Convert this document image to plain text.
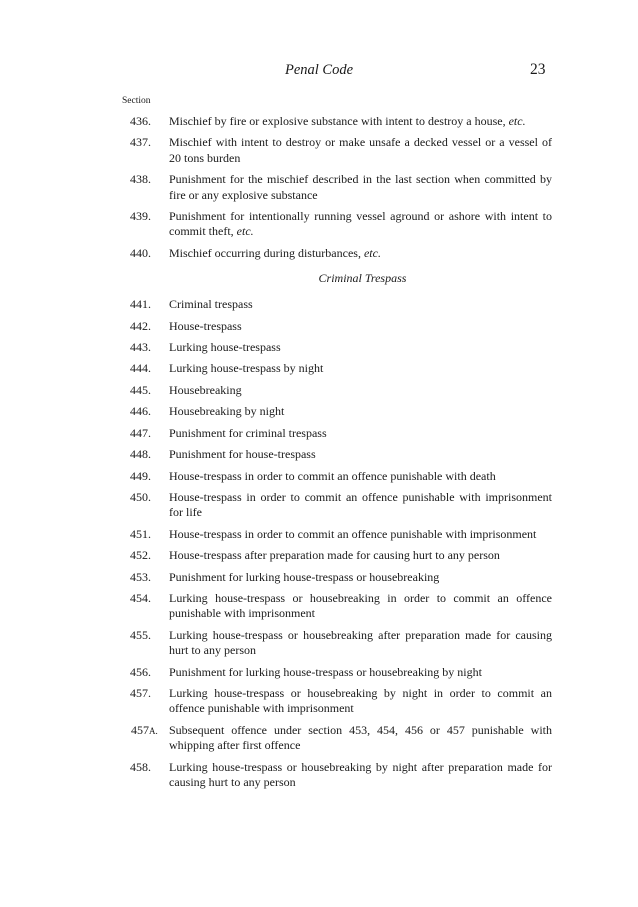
Penal Code	23
Section
436.	Mischief by fire or explosive substance with intent to destroy a house, etc.
437.	Mischief with intent to destroy or make unsafe a decked vessel or a vessel of 20 tons burden
438.	Punishment for the mischief described in the last section when committed by fire or any explosive substance
439.	Punishment for intentionally running vessel aground or ashore with intent to commit theft, etc.
440.	Mischief occurring during disturbances, etc.
Criminal Trespass
441.	Criminal trespass
442.	House-trespass
443.	Lurking house-trespass
444.	Lurking house-trespass by night
445.	Housebreaking
446.	Housebreaking by night
447.	Punishment for criminal trespass
448.	Punishment for house-trespass
449.	House-trespass in order to commit an offence punishable with death
450.	House-trespass in order to commit an offence punishable with imprisonment for life
451.	House-trespass in order to commit an offence punishable with imprisonment
452.	House-trespass after preparation made for causing hurt to any person
453.	Punishment for lurking house-trespass or housebreaking
454.	Lurking house-trespass or housebreaking in order to commit an offence punishable with imprisonment
455.	Lurking house-trespass or housebreaking after preparation made for causing hurt to any person
456.	Punishment for lurking house-trespass or housebreaking by night
457.	Lurking house-trespass or housebreaking by night in order to commit an offence punishable with imprisonment
457A. Subsequent offence under section 453, 454, 456 or 457 punishable with whipping after first offence
458.	Lurking house-trespass or housebreaking by night after preparation made for causing hurt to any person
